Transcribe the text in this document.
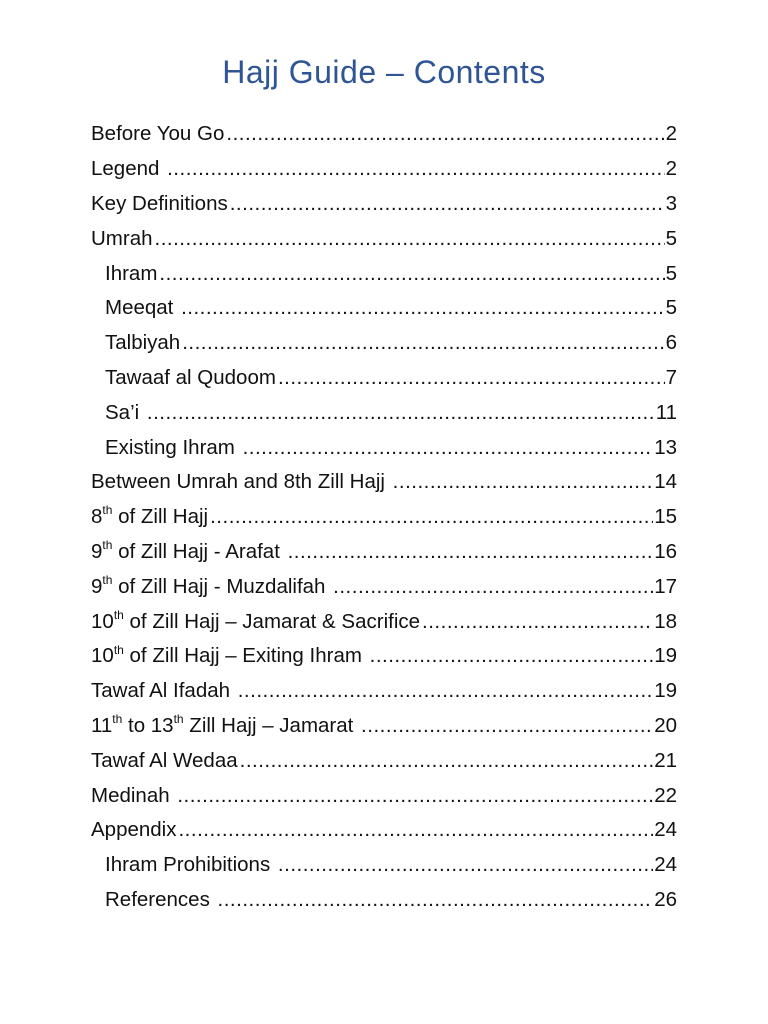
Hajj Guide – Contents
Before You Go .....	2
Legend .....	2
Key Definitions .....	3
Umrah .....	5
Ihram .....	5
Meeqat .....	5
Talbiyah .....	6
Tawaaf al Qudoom .....	7
Sa’i .....	11
Existing Ihram .....	13
Between Umrah and 8th Zill Hajj .....	14
8th of Zill Hajj .....	15
9th of Zill Hajj - Arafat .....	16
9th of Zill Hajj - Muzdalifah .....	17
10th of Zill Hajj – Jamarat & Sacrifice .....	18
10th of Zill Hajj – Exiting Ihram .....	19
Tawaf Al Ifadah .....	19
11th to 13th Zill Hajj – Jamarat .....	20
Tawaf Al Wedaa .....	21
Medinah .....	22
Appendix .....	24
Ihram Prohibitions .....	24
References .....	26
